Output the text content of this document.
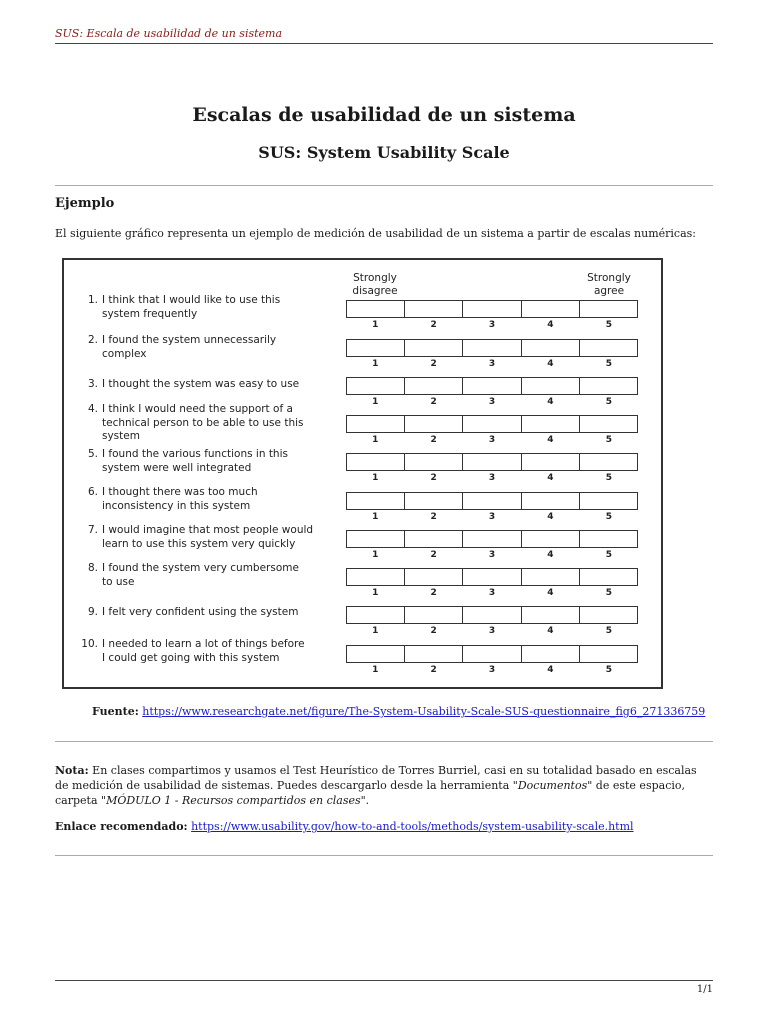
SUS: Escala de usabilidad de un sistema
Escalas de usabilidad de un sistema
SUS: System Usability Scale
Ejemplo
El siguiente gráfico representa un ejemplo de medición de usabilidad de un sistema a partir de escalas numéricas:
Strongly
disagree
Strongly
agree
1. I think that I would like to use this
system frequently
1	2	3	4	5
2. I found the system unnecessarily
complex
1	2	3	4	5
3. I thought the system was easy to use
1	2	3	4	5
4. I think I would need the support of a
technical person to be able to use this
system	1	2	3	4	5
5. I found the various functions in this
system were well integrated
1	2	3	4	5
6. I thought there was too much
inconsistency in this system
1	2	3	4	5
7. I would imagine that most people would
learn to use this system very quickly
1	2	3	4	5
8. I found the system very cumbersome
to use
1	2	3	4	5
9. I felt very confident using the system
1	2	3	4	5
10. I needed to learn a lot of things before
I could get going with this system
1	2	3	4	5
Fuente: https://www.researchgate.net/figure/The-System-Usability-Scale-SUS-questionnaire_fig6_271336759
Nota: En clases compartimos y usamos el Test Heurístico de Torres Burriel, casi en su totalidad basado en escalas de medición de usabilidad de sistemas. Puedes descargarlo desde la herramienta "Documentos" de este espacio, carpeta "MÓDULO 1 - Recursos compartidos en clases".
Enlace recomendado: https://www.usability.gov/how-to-and-tools/methods/system-usability-scale.html
1/1
